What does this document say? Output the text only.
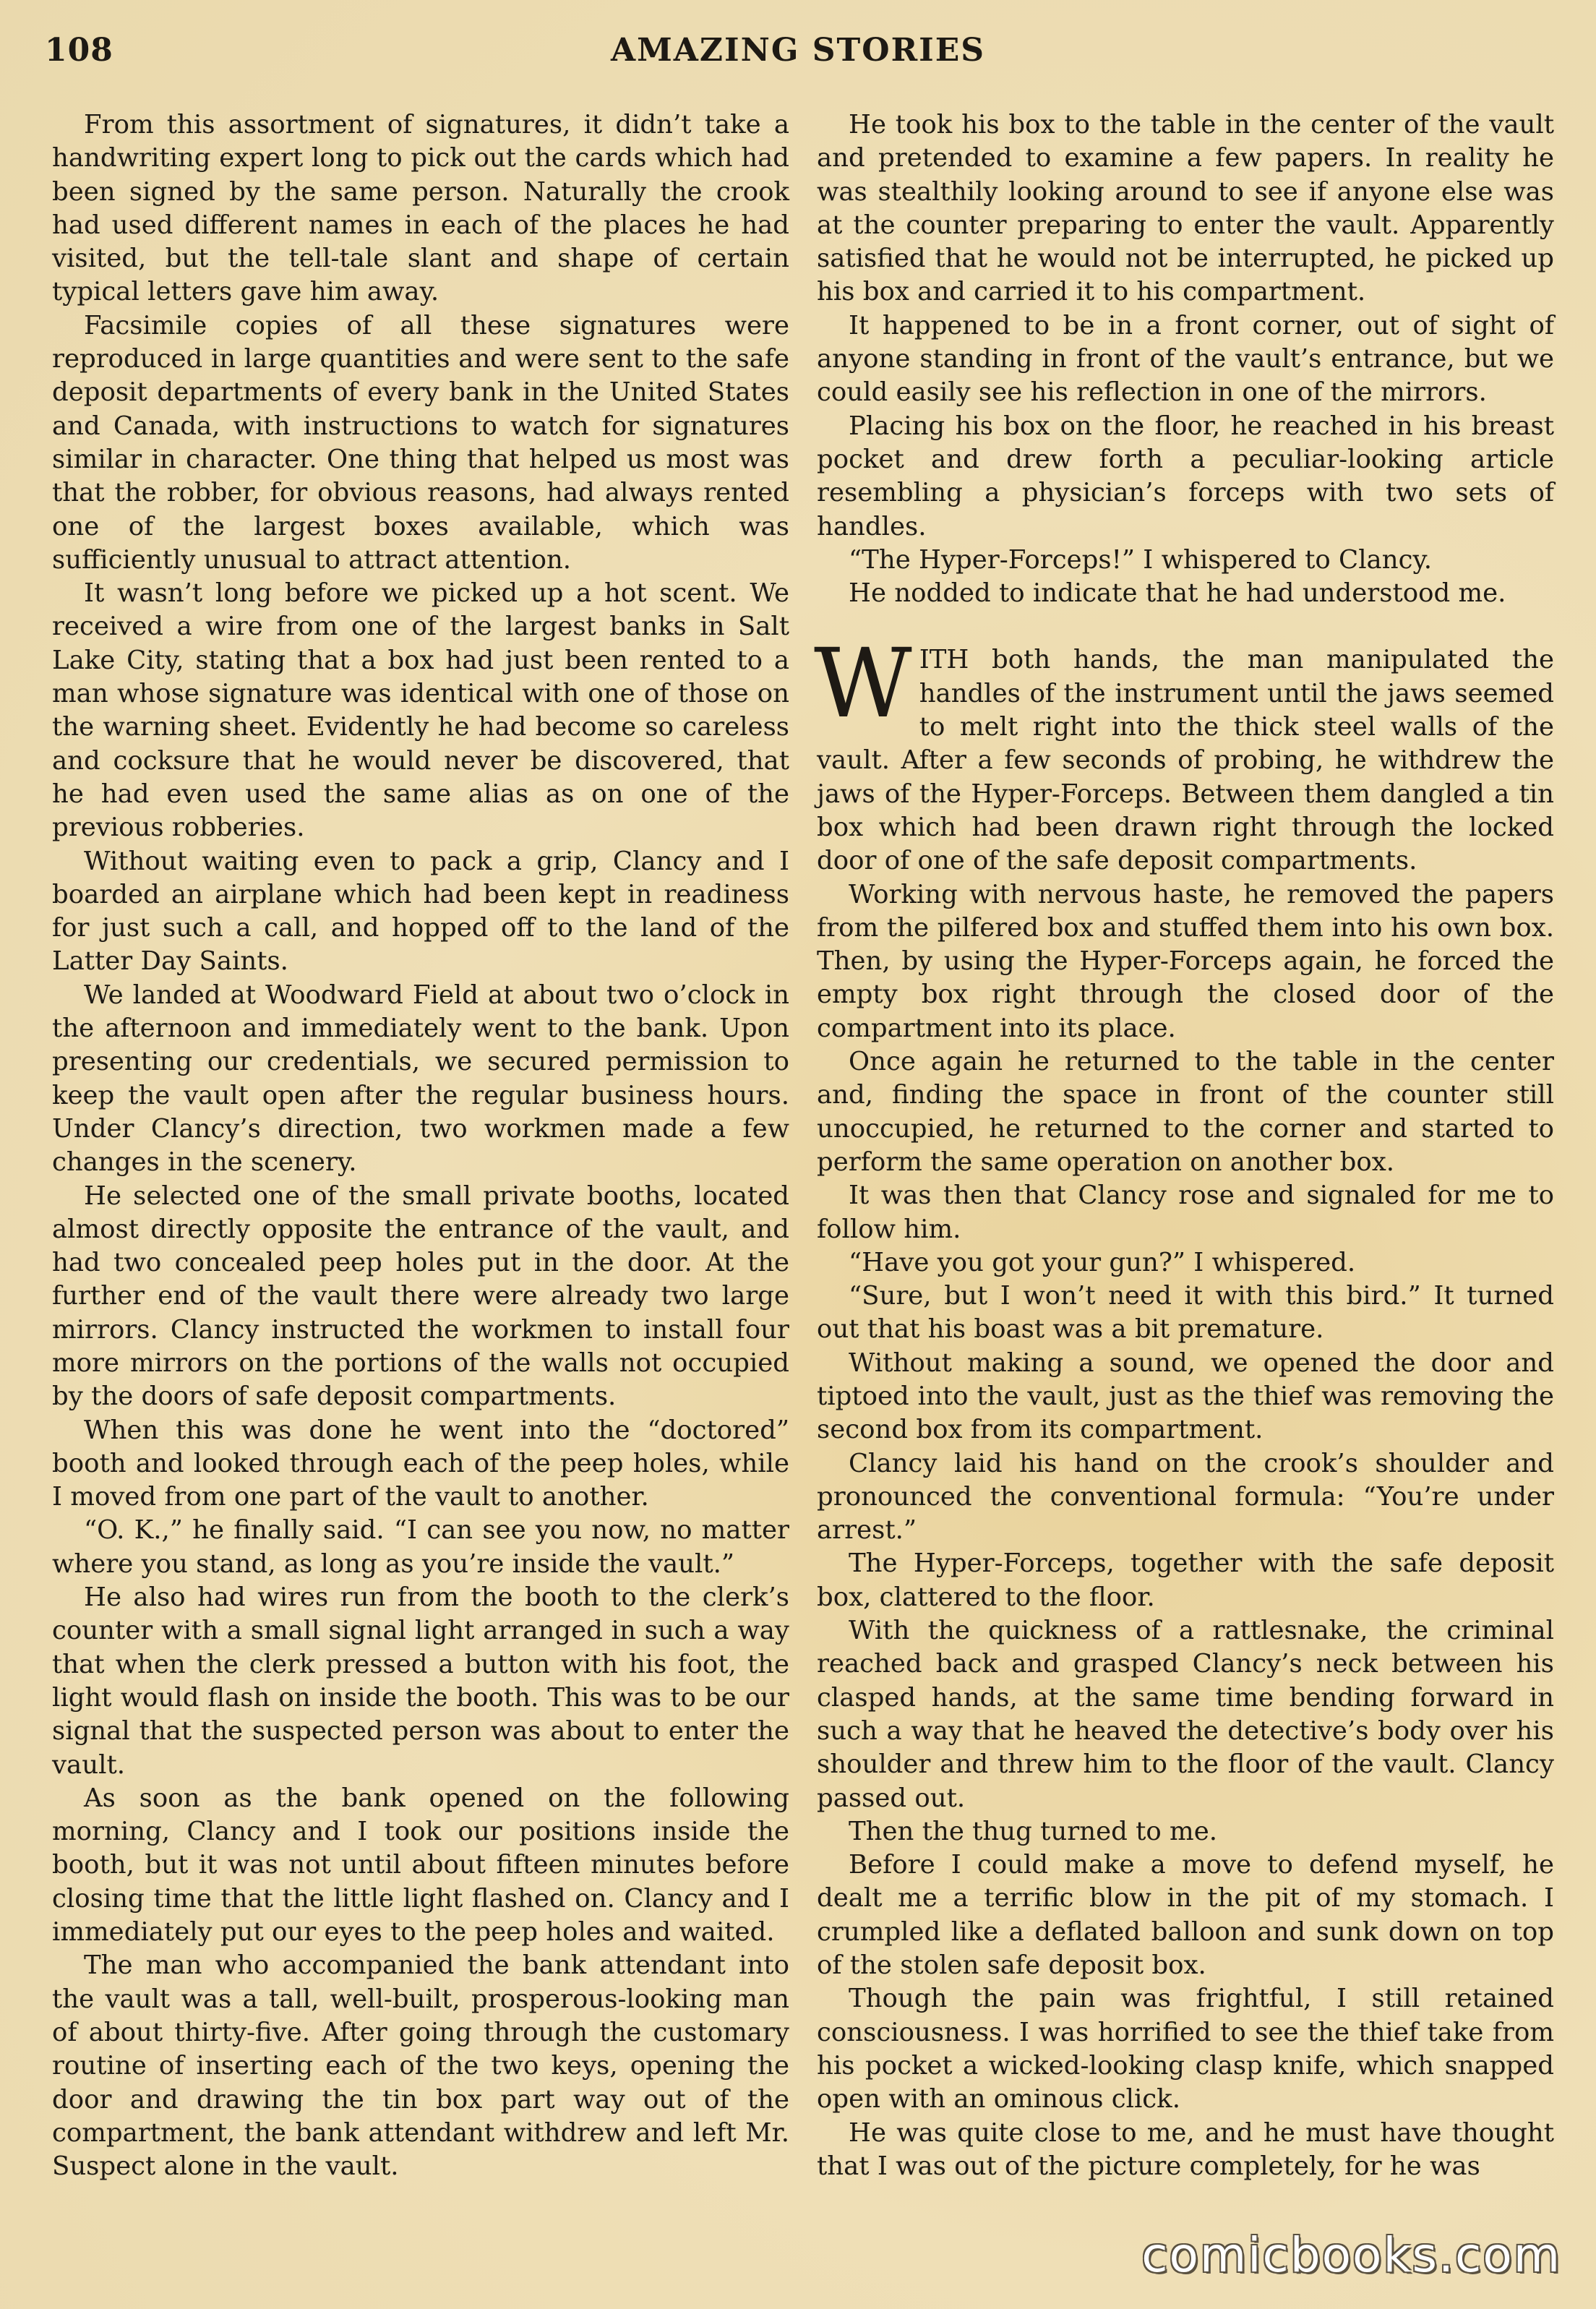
108	AMAZING STORIES

From this assortment of signatures, it didn’t take a handwriting expert long to pick out the cards which had been signed by the same person. Naturally the crook had used different names in each of the places he had visited, but the tell-tale slant and shape of certain typical letters gave him away.

Facsimile copies of all these signatures were reproduced in large quantities and were sent to the safe deposit departments of every bank in the United States and Canada, with instructions to watch for signatures similar in character. One thing that helped us most was that the robber, for obvious reasons, had always rented one of the largest boxes available, which was sufficiently unusual to attract attention.

It wasn’t long before we picked up a hot scent. We received a wire from one of the largest banks in Salt Lake City, stating that a box had just been rented to a man whose signature was identical with one of those on the warning sheet. Evidently he had become so careless and cocksure that he would never be discovered, that he had even used the same alias as on one of the previous robberies.

Without waiting even to pack a grip, Clancy and I boarded an airplane which had been kept in readiness for just such a call, and hopped off to the land of the Latter Day Saints.

We landed at Woodward Field at about two o’clock in the afternoon and immediately went to the bank. Upon presenting our credentials, we secured permission to keep the vault open after the regular business hours. Under Clancy’s direction, two workmen made a few changes in the scenery.

He selected one of the small private booths, located almost directly opposite the entrance of the vault, and had two concealed peep holes put in the door. At the further end of the vault there were already two large mirrors. Clancy instructed the workmen to install four more mirrors on the portions of the walls not occupied by the doors of safe deposit compartments.

When this was done he went into the “doctored” booth and looked through each of the peep holes, while I moved from one part of the vault to another.

“O. K.,” he finally said. “I can see you now, no matter where you stand, as long as you’re inside the vault.”

He also had wires run from the booth to the clerk’s counter with a small signal light arranged in such a way that when the clerk pressed a button with his foot, the light would flash on inside the booth. This was to be our signal that the suspected person was about to enter the vault.

As soon as the bank opened on the following morning, Clancy and I took our positions inside the booth, but it was not until about fifteen minutes before closing time that the little light flashed on. Clancy and I immediately put our eyes to the peep holes and waited.

The man who accompanied the bank attendant into the vault was a tall, well-built, prosperous-looking man of about thirty-five. After going through the customary routine of inserting each of the two keys, opening the door and drawing the tin box part way out of the compartment, the bank attendant withdrew and left Mr. Suspect alone in the vault.

He took his box to the table in the center of the vault and pretended to examine a few papers. In reality he was stealthily looking around to see if anyone else was at the counter preparing to enter the vault. Apparently satisfied that he would not be interrupted, he picked up his box and carried it to his compartment.

It happened to be in a front corner, out of sight of anyone standing in front of the vault’s entrance, but we could easily see his reflection in one of the mirrors.

Placing his box on the floor, he reached in his breast pocket and drew forth a peculiar-looking article resembling a physician’s forceps with two sets of handles.

“The Hyper-Forceps!” I whispered to Clancy.

He nodded to indicate that he had understood me.

WITH both hands, the man manipulated the handles of the instrument until the jaws seemed to melt right into the thick steel walls of the vault. After a few seconds of probing, he withdrew the jaws of the Hyper-Forceps. Between them dangled a tin box which had been drawn right through the locked door of one of the safe deposit compartments.

Working with nervous haste, he removed the papers from the pilfered box and stuffed them into his own box. Then, by using the Hyper-Forceps again, he forced the empty box right through the closed door of the compartment into its place.

Once again he returned to the table in the center and, finding the space in front of the counter still unoccupied, he returned to the corner and started to perform the same operation on another box.

It was then that Clancy rose and signaled for me to follow him.

“Have you got your gun?” I whispered.

“Sure, but I won’t need it with this bird.” It turned out that his boast was a bit premature.

Without making a sound, we opened the door and tiptoed into the vault, just as the thief was removing the second box from its compartment.

Clancy laid his hand on the crook’s shoulder and pronounced the conventional formula: “You’re under arrest.”

The Hyper-Forceps, together with the safe deposit box, clattered to the floor.

With the quickness of a rattlesnake, the criminal reached back and grasped Clancy’s neck between his clasped hands, at the same time bending forward in such a way that he heaved the detective’s body over his shoulder and threw him to the floor of the vault. Clancy passed out.

Then the thug turned to me.

Before I could make a move to defend myself, he dealt me a terrific blow in the pit of my stomach. I crumpled like a deflated balloon and sunk down on top of the stolen safe deposit box.

Though the pain was frightful, I still retained consciousness. I was horrified to see the thief take from his pocket a wicked-looking clasp knife, which snapped open with an ominous click.

He was quite close to me, and he must have thought that I was out of the picture completely, for he was

comicbooks.com
